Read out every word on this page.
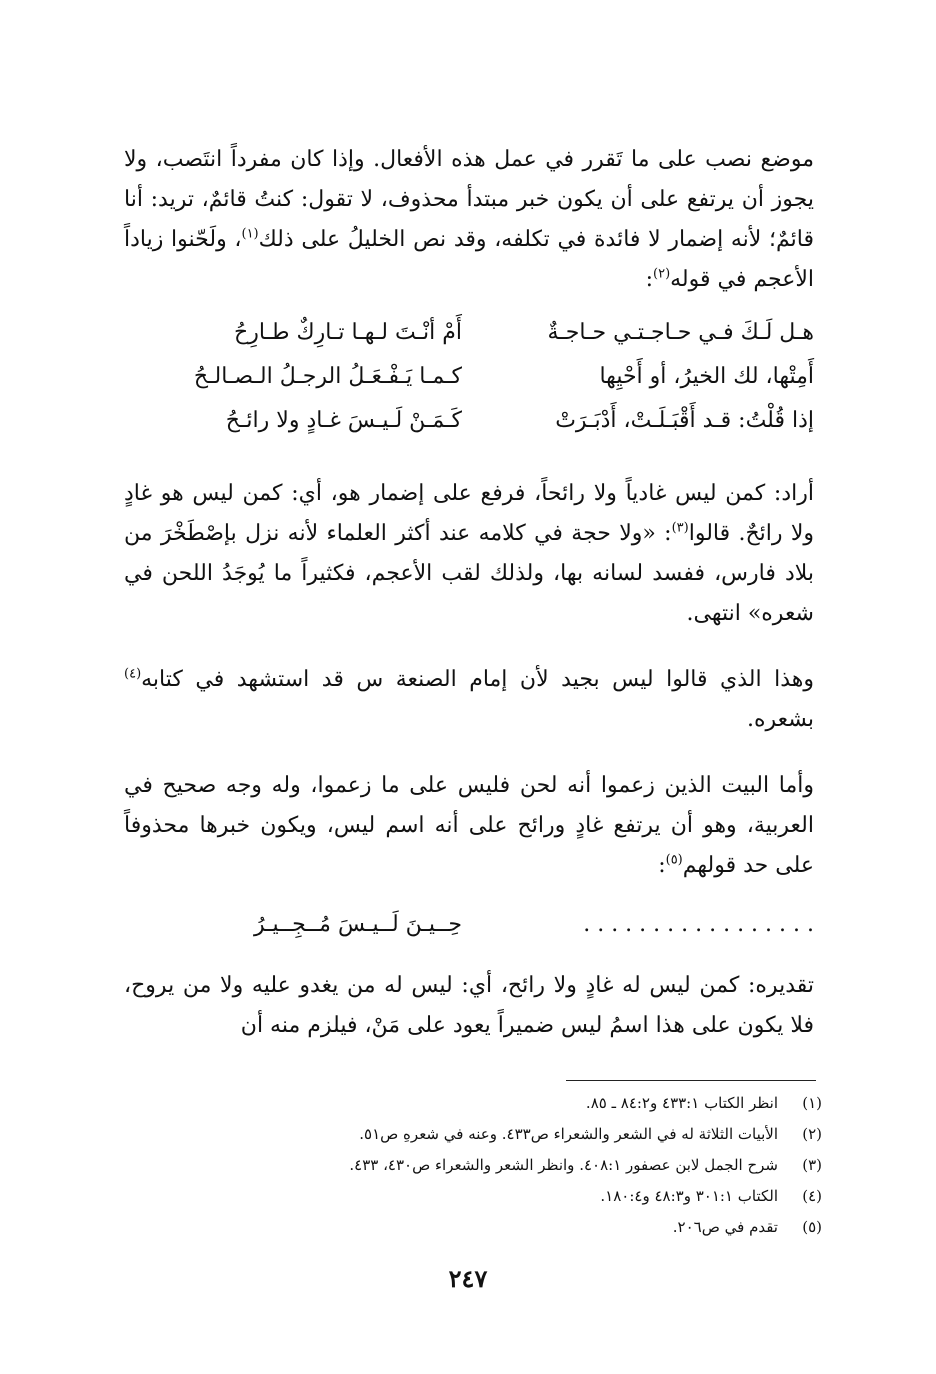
موضع نصب على ما تَقرر في عمل هذه الأفعال. وإذا كان مفرداً انتَصب، ولا يجوز أن يرتفع على أن يكون خبر مبتدأ محذوف، لا تقول: كنتُ قائمٌ، تريد: أنا قائمٌ؛ لأنه إضمار لا فائدة في تكلفه، وقد نص الخليلُ على ذلك$^{(١)}$، ولَحّنوا زياداً الأعجم في قوله$^{(٢)}$:

هـل لَـكَ فـي حـاجـتـي حـاجـةٌ
أَمْ أنْـتَ لـهـا تـارِكٌ طـارِحُ
أَمِتْها، لك الخيرُ، أو أَحْيِها
كـمـا يَـفْـعَـلُ الرجـلُ الـصـالـحُ
إذا قُلْتُ: قـد أَقْبَـلَـتْ، أَدْبَـرَتْ
كَـمَـنْ لَـيـسَ غـادٍ ولا رائـحُ

أراد: كمن ليس غادياً ولا رائحاً، فرفع على إضمار هو، أي: كمن ليس هو غادٍ ولا رائحٌ. قالوا$^{(٣)}$: «ولا حجة في كلامه عند أكثر العلماء لأنه نزل بإصْطَخْرَ من بلاد فارس، ففسد لسانه بها، ولذلك لقب الأعجم، فكثيراً ما يُوجَدُ اللحن في شعره» انتهى.

وهذا الذي قالوا ليس بجيد لأن إمام الصنعة س قد استشهد في كتابه$^{(٤)}$ بشعره.

وأما البيت الذين زعموا أنه لحن فليس على ما زعموا، وله وجه صحيح في العربية، وهو أن يرتفع غادٍ ورائح على أنه اسم ليس، ويكون خبرها محذوفاً على حد قولهم$^{(٥)}$:

. . . . . . . . . . . . . . . . .
حِــيـنَ لَــيـسَ مُــجِــيـرُ

تقديره: كمن ليس له غادٍ ولا رائح، أي: ليس له من يغدو عليه ولا من يروح، فلا يكون على هذا اسمُ ليس ضميراً يعود على مَنْ، فيلزم منه أن

(١)
انظر الكتاب ٤٣٣:١ و٨٤:٢ ـ ٨٥.
(٢)
الأبيات الثلاثة له في الشعر والشعراء ص٤٣٣. وعنه في شعرهِ ص٥١.
(٣)
شرح الجمل لابن عصفور ٤٠٨:١. وانظر الشعر والشعراء ص٤٣٠، ٤٣٣.
(٤)
الكتاب ٣٠١:١ و٤٨:٣ و١٨٠:٤.
(٥)
تقدم في ص٢٠٦.
٢٤٧
